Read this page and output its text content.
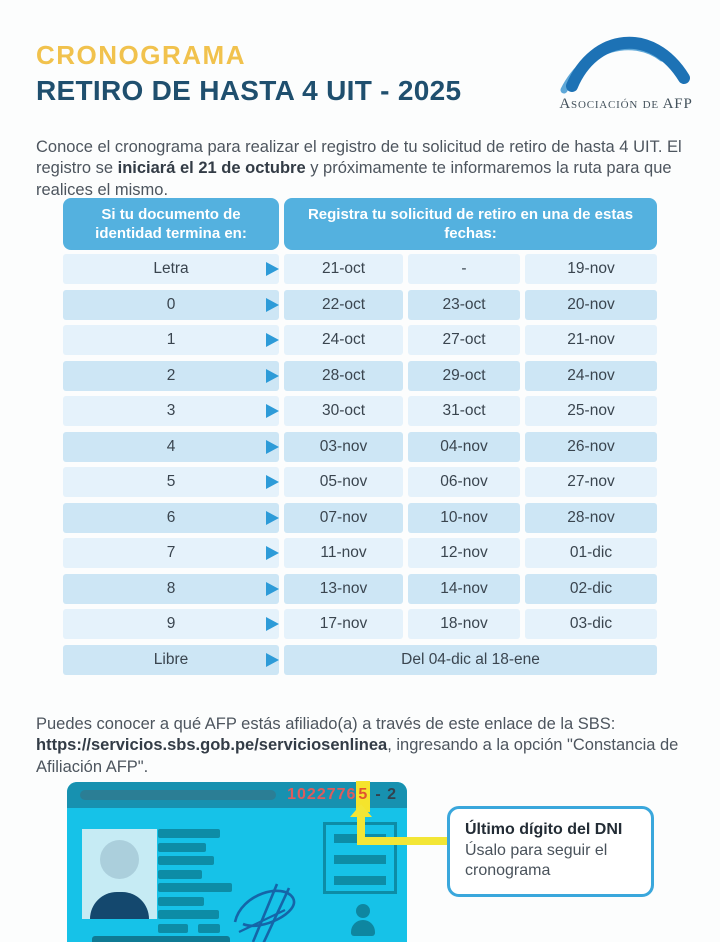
CRONOGRAMA
RETIRO DE HASTA 4 UIT - 2025	Asociación de AFP

Conoce el cronograma para realizar el registro de tu solicitud de retiro de hasta 4 UIT. El registro se iniciará el 21 de octubre y próximamente te informaremos la ruta para que realices el mismo.

Si tu documento de identidad termina en:
Registra tu solicitud de retiro en una de estas fechas:
Letra	21-oct	-	19-nov
0	22-oct	23-oct	20-nov
1	24-oct	27-oct	21-nov
2	28-oct	29-oct	24-nov
3	30-oct	31-oct	25-nov
4	03-nov	04-nov	26-nov
5	05-nov	06-nov	27-nov
6	07-nov	10-nov	28-nov
7	11-nov	12-nov	01-dic
8	13-nov	14-nov	02-dic
9	17-nov	18-nov	03-dic
Libre	Del 04-dic al 18-ene

Puedes conocer a qué AFP estás afiliado(a) a través de este enlace de la SBS: https://servicios.sbs.gob.pe/serviciosenlinea, ingresando a la opción "Constancia de Afiliación AFP".

1022776 5 - 2
Último dígito del DNI
Úsalo para seguir el cronograma
